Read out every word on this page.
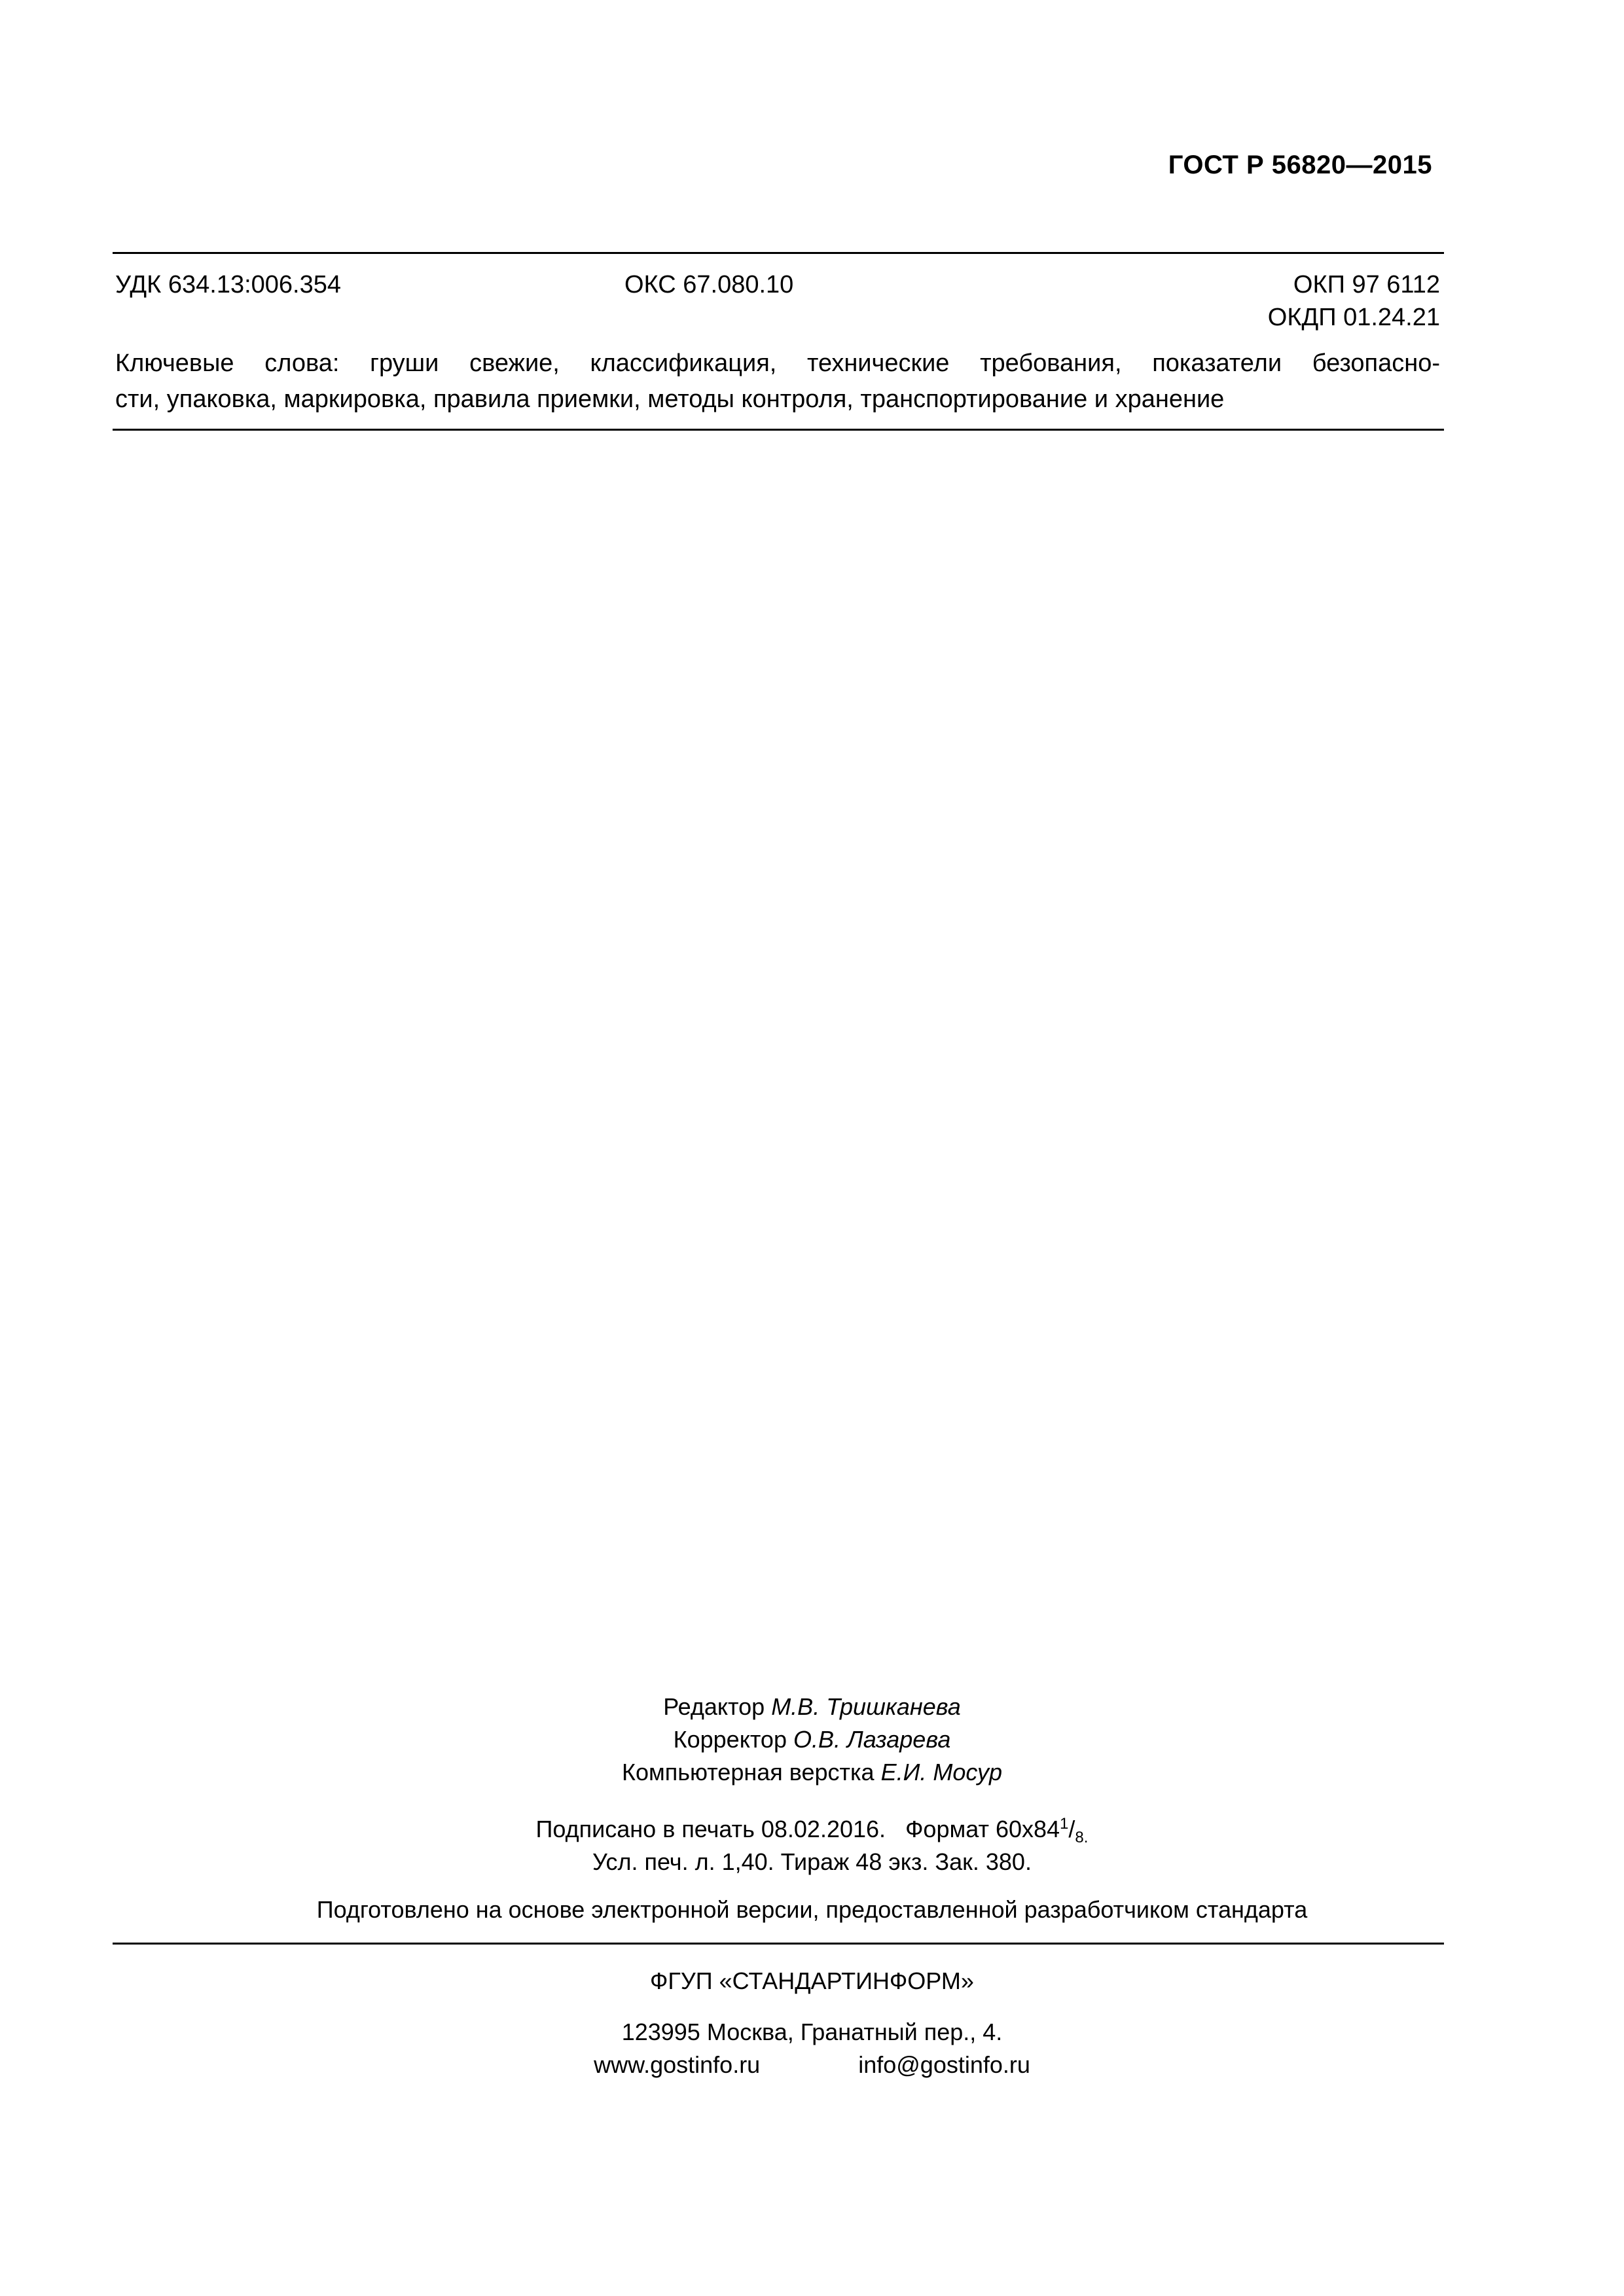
ГОСТ Р 56820—2015
УДК 634.13:006.354	ОКС 67.080.10	ОКП 97 6112
ОКДП 01.24.21
Ключевые слова: груши свежие, классификация, технические требования, показатели безопасно-
сти, упаковка, маркировка, правила приемки, методы контроля, транспортирование и хранение
Редактор М.В. Тришканева
Корректор О.В. Лазарева
Компьютерная верстка Е.И. Мосур
Подписано в печать 08.02.2016. Формат $60x84^1/_{8.}$
Усл. печ. л. 1,40. Тираж 48 экз. Зак. 380.
Подготовлено на основе электронной версии, предоставленной разработчиком стандарта
ФГУП «СТАНДАРТИНФОРМ»
123995 Москва, Гранатный пер., 4.
www.gostinfo.ru	info@gostinfo.ru
